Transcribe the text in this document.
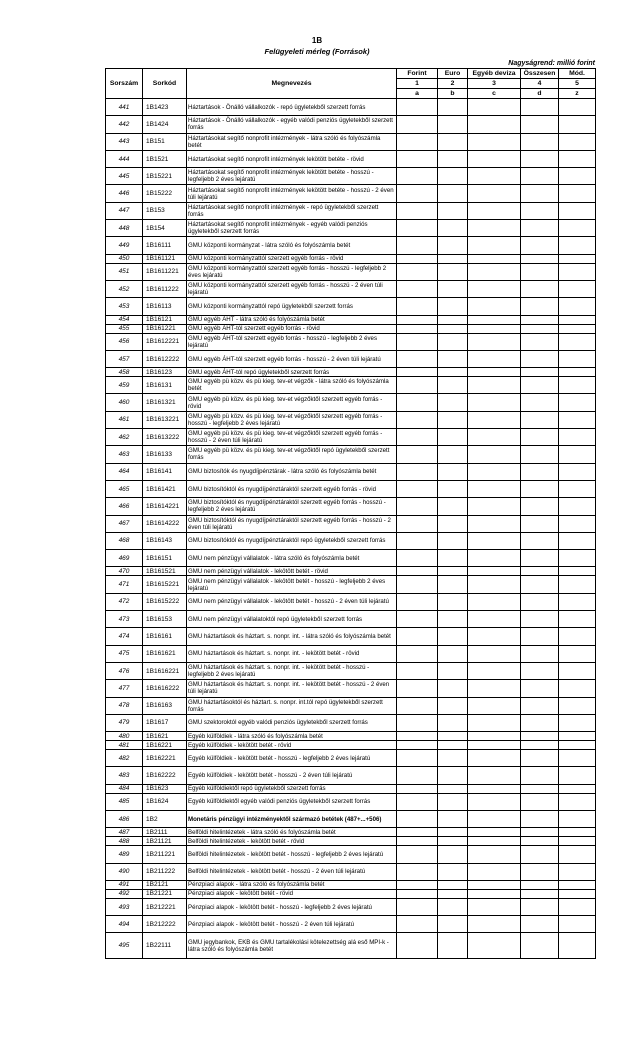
1B
Felügyeleti mérleg (Források)
Nagyságrend: millió forint
Sorszám	Sorkód	Megnevezés	Forint	Euro	Egyéb deviza	Összesen	Mód.
			1	2	3	4	5
			a	b	c	d	z
441	1B1423	Háztartások - Önálló vállalkozók - repó ügyletekből szerzett forrás					
442	1B1424	Háztartások - Önálló vállalkozók - egyéb valódi penziós ügyletekből szerzett forrás					
443	1B151	Háztartásokat segítő nonprofit intézmények - látra szóló és folyószámla betét					
444	1B1521	Háztartásokat segítő nonprofit intézmények lekötött betéte - rövid					
445	1B15221	Háztartásokat segítő nonprofit intézmények lekötött betéte - hosszú - legfeljebb 2 éves lejáratú					
446	1B15222	Háztartásokat segítő nonprofit intézmények lekötött betéte - hosszú - 2 éven túli lejáratú					
447	1B153	Háztartásokat segítő nonprofit intézmények - repó ügyletekből szerzett forrás					
448	1B154	Háztartásokat segítő nonprofit intézmények - egyéb valódi penziós ügyletekből szerzett forrás					
449	1B16111	GMU központi kormányzat - látra szóló és folyószámla betét					
450	1B161121	GMU központi kormányzattól szerzett egyéb forrás - rövid					
451	1B1611221	GMU központi kormányzattól szerzett egyéb forrás - hosszú - legfeljebb 2 éves lejáratú					
452	1B1611222	GMU központi kormányzattól szerzett egyéb forrás - hosszú - 2 éven túli lejáratú					
453	1B16113	GMU központi kormányzattól repó ügyletekből szerzett forrás					
454	1B16121	GMU egyéb ÁHT - látra szóló és folyószámla betét					
455	1B161221	GMU egyéb ÁHT-tól szerzett egyéb forrás - rövid					
456	1B1612221	GMU egyéb ÁHT-tól szerzett egyéb forrás - hosszú - legfeljebb 2 éves lejáratú					
457	1B1612222	GMU egyéb ÁHT-tól szerzett egyéb forrás - hosszú - 2 éven túli lejáratú					
458	1B16123	GMU egyéb ÁHT-tól repó ügyletekből szerzett forrás					
459	1B16131	GMU egyéb pü közv. és pü kieg. tev-et végzők - látra szóló és folyószámla betét					
460	1B161321	GMU egyéb pü közv. és pü kieg. tev-et végzőktől szerzett egyéb forrás - rövid					
461	1B1613221	GMU egyéb pü közv. és pü kieg. tev-et végzőktől szerzett egyéb forrás - hosszú - legfeljebb 2 éves lejáratú					
462	1B1613222	GMU egyéb pü közv. és pü kieg. tev-et végzőktől szerzett egyéb forrás - hosszú - 2 éven túli lejáratú					
463	1B16133	GMU egyéb pü közv. és pü kieg. tev-et végzőktől repó ügyletekből szerzett forrás					
464	1B16141	GMU biztosítók és nyugdíjpénztárak - látra szóló és folyószámla betét					
465	1B161421	GMU biztosítóktól és nyugdíjpénztáraktól szerzett egyéb forrás - rövid					
466	1B1614221	GMU biztosítóktól és nyugdíjpénztáraktól szerzett egyéb forrás - hosszú - legfeljebb 2 éves lejáratú					
467	1B1614222	GMU biztosítóktól és nyugdíjpénztáraktól szerzett egyéb forrás - hosszú - 2 éven túli lejáratú					
468	1B16143	GMU biztosítóktól és nyugdíjpénztáraktól repó ügyletekből szerzett forrás					
469	1B16151	GMU nem pénzügyi vállalatok - látra szóló és folyószámla betét					
470	1B161521	GMU nem pénzügyi vállalatok - lekötött betét - rövid					
471	1B1615221	GMU nem pénzügyi vállalatok - lekötött betét - hosszú - legfeljebb 2 éves lejáratú					
472	1B1615222	GMU nem pénzügyi vállalatok - lekötött betét - hosszú - 2 éven túli lejáratú					
473	1B16153	GMU nem pénzügyi vállalatoktól repó ügyletekből szerzett forrás					
474	1B16161	GMU háztartások és háztart. s. nonpr. int. - látra szóló és folyószámla betét					
475	1B161621	GMU háztartások és háztart. s. nonpr. int. - lekötött betét - rövid					
476	1B1616221	GMU háztartások és háztart. s. nonpr. int. - lekötött betét - hosszú - legfeljebb 2 éves lejáratú					
477	1B1616222	GMU háztartások és háztart. s. nonpr. int. - lekötött betét - hosszú - 2 éven túli lejáratú					
478	1B16163	GMU háztartásoktól és háztart. s. nonpr. int.tól repó ügyletekből szerzett forrás					
479	1B1617	GMU szektoroktól egyéb valódi penziós ügyletekből szerzett forrás					
480	1B1621	Egyéb külföldiek - látra szóló és folyószámla betét					
481	1B16221	Egyéb külföldiek - lekötött betét - rövid					
482	1B162221	Egyéb külföldiek - lekötött betét - hosszú - legfeljebb 2 éves lejáratú					
483	1B162222	Egyéb külföldiek - lekötött betét - hosszú - 2 éven túli lejáratú					
484	1B1623	Egyéb külföldiektől repó ügyletekből szerzett forrás					
485	1B1624	Egyéb külföldiektől egyéb valódi penziós ügyletekből szerzett forrás					
486	1B2	Monetáris pénzügyi intézményektől származó betétek (487+...+506)					
487	1B2111	Belföldi hitelintézetek - látra szóló és folyószámla betét					
488	1B21121	Belföldi hitelintézetek - lekötött betét - rövid					
489	1B211221	Belföldi hitelintézetek - lekötött betét - hosszú - legfeljebb 2 éves lejáratú					
490	1B211222	Belföldi hitelintézetek - lekötött betét - hosszú - 2 éven túli lejáratú					
491	1B2121	Pénzpiaci alapok - látra szóló és folyószámla betét					
492	1B21221	Pénzpiaci alapok - lekötött betét - rövid					
493	1B212221	Pénzpiaci alapok - lekötött betét - hosszú - legfeljebb 2 éves lejáratú					
494	1B212222	Pénzpiaci alapok - lekötött betét - hosszú - 2 éven túli lejáratú					
495	1B22111	GMU jegybankok, EKB és GMU tartalékolási kötelezettség alá eső MPI-k - látra szóló és folyószámla betét					
